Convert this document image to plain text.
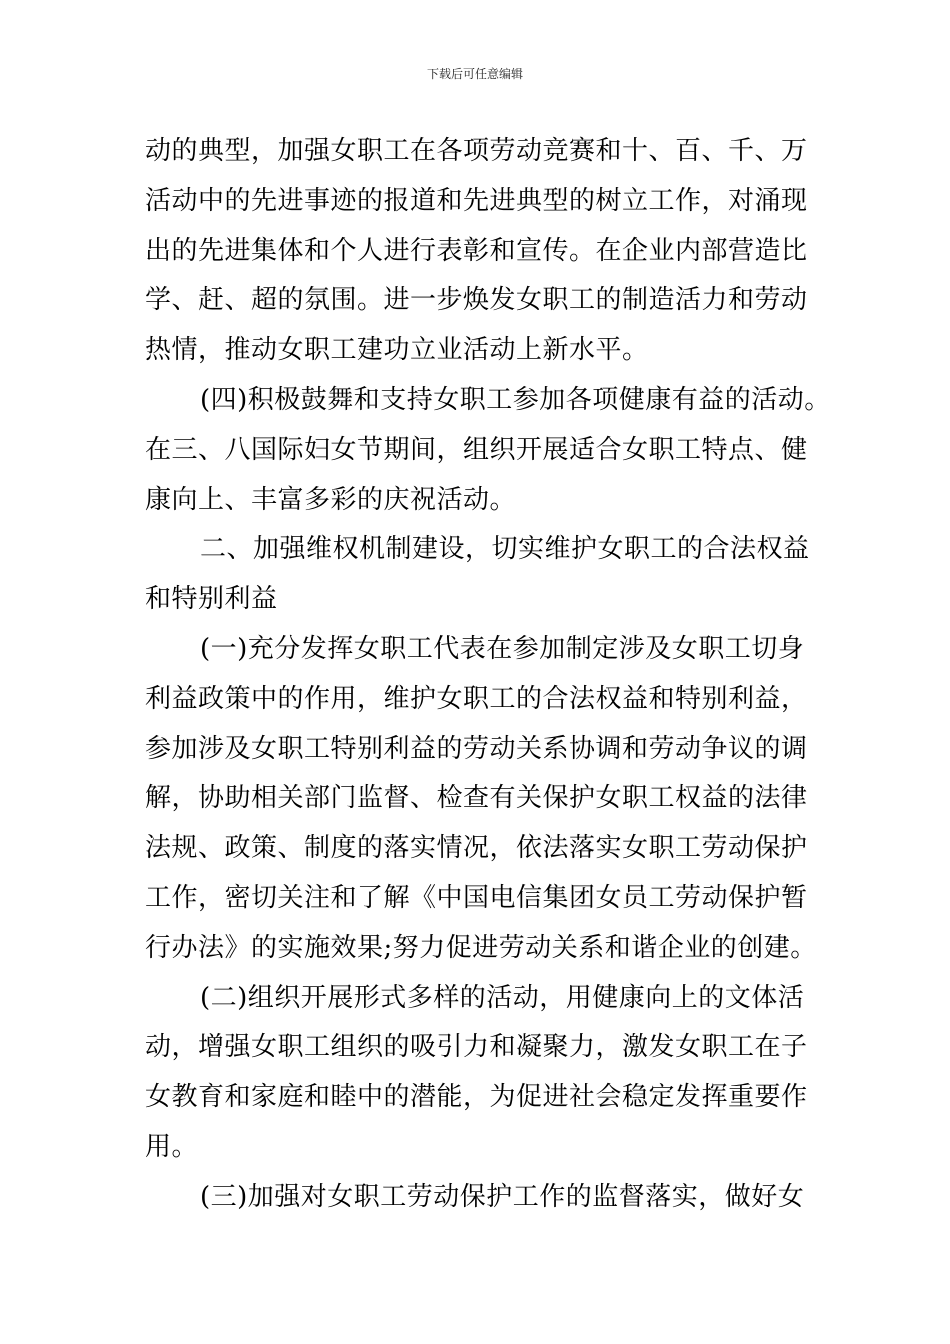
下载后可任意编辑
动的典型，加强女职工在各项劳动竞赛和十、百、千、万
活动中的先进事迹的报道和先进典型的树立工作，对涌现
出的先进集体和个人进行表彰和宣传。在企业内部营造比
学、赶、超的氛围。进一步焕发女职工的制造活力和劳动
热情，推动女职工建功立业活动上新水平。
(四)积极鼓舞和支持女职工参加各项健康有益的活动。
在三、八国际妇女节期间，组织开展适合女职工特点、健
康向上、丰富多彩的庆祝活动。
二、加强维权机制建设，切实维护女职工的合法权益
和特别利益
(一)充分发挥女职工代表在参加制定涉及女职工切身
利益政策中的作用，维护女职工的合法权益和特别利益，
参加涉及女职工特别利益的劳动关系协调和劳动争议的调
解，协助相关部门监督、检查有关保护女职工权益的法律
法规、政策、制度的落实情况，依法落实女职工劳动保护
工作，密切关注和了解《中国电信集团女员工劳动保护暂
行办法》的实施效果;努力促进劳动关系和谐企业的创建。
(二)组织开展形式多样的活动，用健康向上的文体活
动，增强女职工组织的吸引力和凝聚力，激发女职工在子
女教育和家庭和睦中的潜能，为促进社会稳定发挥重要作
用。
(三)加强对女职工劳动保护工作的监督落实，做好女
